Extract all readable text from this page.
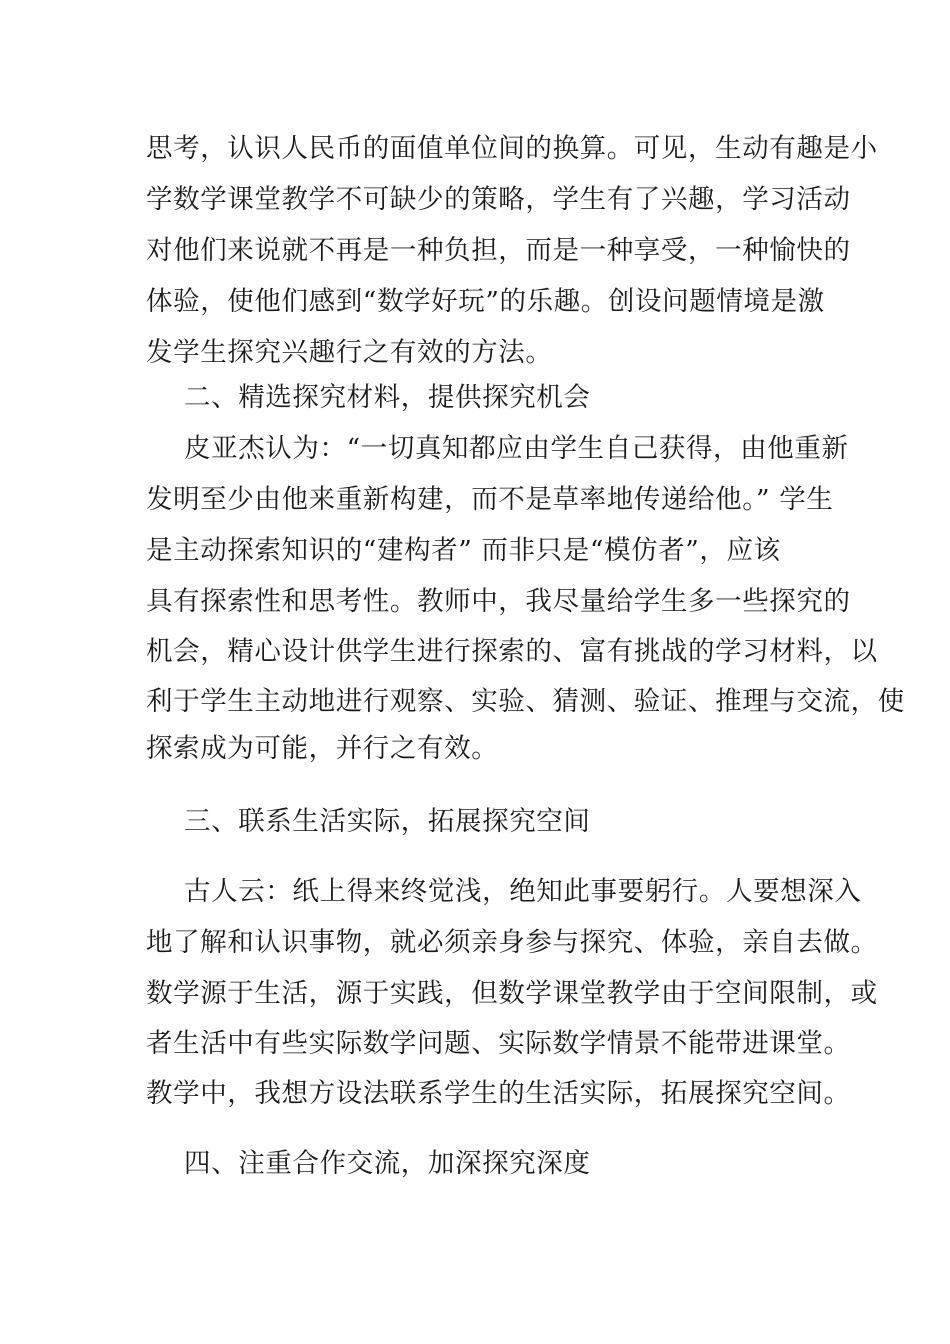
思考，认识人民币的面值单位间的换算。可见，生动有趣是小
学数学课堂教学不可缺少的策略，学生有了兴趣，学习活动
对他们来说就不再是一种负担，而是一种享受，一种愉快的
体验，使他们感到“数学好玩”的乐趣。创设问题情境是激
发学生探究兴趣行之有效的方法。
二、精选探究材料，提供探究机会
皮亚杰认为：“一切真知都应由学生自己获得，由他重新
发明至少由他来重新构建，而不是草率地传递给他。” 学生
是主动探索知识的“建构者” 而非只是“模仿者”，应该
具有探索性和思考性。教师中，我尽量给学生多一些探究的
机会，精心设计供学生进行探索的、富有挑战的学习材料，以
利于学生主动地进行观察、实验、猜测、验证、推理与交流，使
探索成为可能，并行之有效。
三、联系生活实际，拓展探究空间
古人云：纸上得来终觉浅，绝知此事要躬行。人要想深入
地了解和认识事物，就必须亲身参与探究、体验，亲自去做。
数学源于生活，源于实践，但数学课堂教学由于空间限制，或
者生活中有些实际数学问题、实际数学情景不能带进课堂。
教学中，我想方设法联系学生的生活实际，拓展探究空间。
四、注重合作交流，加深探究深度
